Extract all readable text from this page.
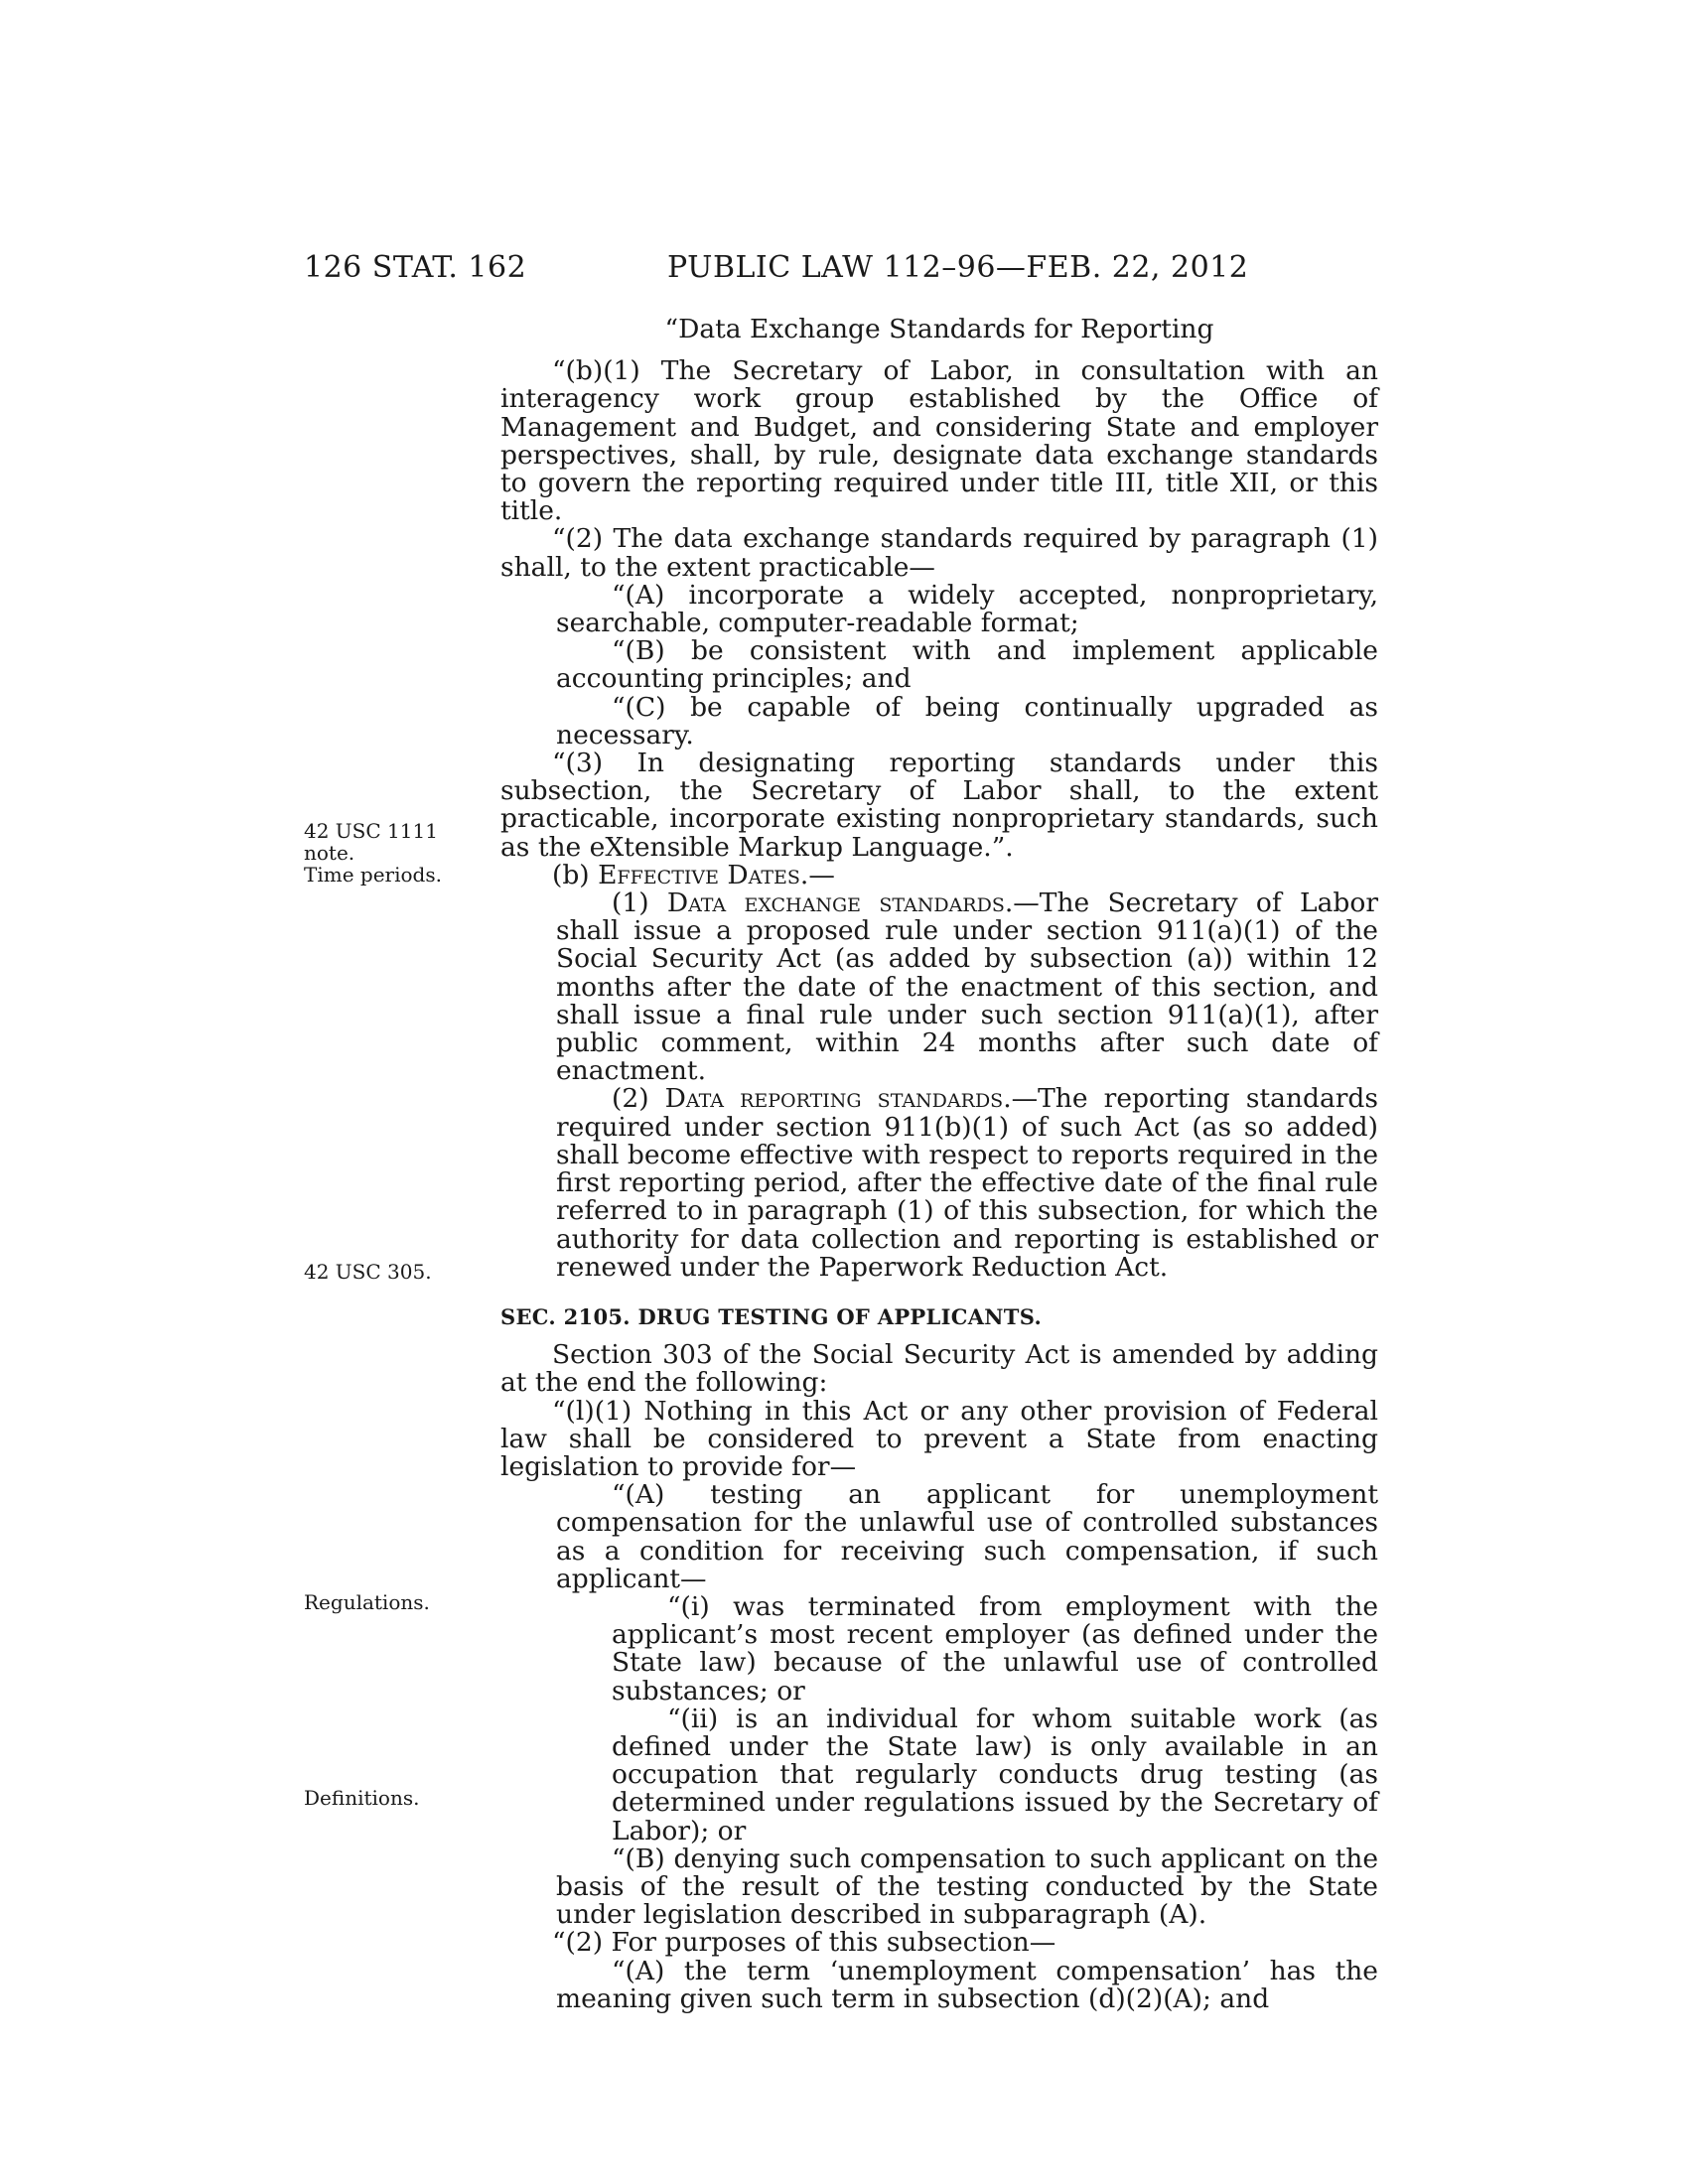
126 STAT. 162	PUBLIC LAW 112–96—FEB. 22, 2012
42 USC 1111
note.
Time periods.
42 USC 305.
Regulations.
Definitions.

“Data Exchange Standards for Reporting

“(b)(1) The Secretary of Labor, in consultation with an interagency work group established by the Office of Management and Budget, and considering State and employer perspectives, shall, by rule, designate data exchange standards to govern the reporting required under title III, title XII, or this title.

“(2) The data exchange standards required by paragraph (1) shall, to the extent practicable—

“(A) incorporate a widely accepted, nonproprietary, searchable, computer-readable format;

“(B) be consistent with and implement applicable accounting principles; and

“(C) be capable of being continually upgraded as necessary.

“(3) In designating reporting standards under this subsection, the Secretary of Labor shall, to the extent practicable, incorporate existing nonproprietary standards, such as the eXtensible Markup Language.”.

(b) Effective Dates.—

(1) Data exchange standards.—The Secretary of Labor shall issue a proposed rule under section 911(a)(1) of the Social Security Act (as added by subsection (a)) within 12 months after the date of the enactment of this section, and shall issue a final rule under such section 911(a)(1), after public comment, within 24 months after such date of enactment.

(2) Data reporting standards.—The reporting standards required under section 911(b)(1) of such Act (as so added) shall become effective with respect to reports required in the first reporting period, after the effective date of the final rule referred to in paragraph (1) of this subsection, for which the authority for data collection and reporting is established or renewed under the Paperwork Reduction Act.

SEC. 2105. DRUG TESTING OF APPLICANTS.

Section 303 of the Social Security Act is amended by adding at the end the following:

“(l)(1) Nothing in this Act or any other provision of Federal law shall be considered to prevent a State from enacting legislation to provide for—

“(A) testing an applicant for unemployment compensation for the unlawful use of controlled substances as a condition for receiving such compensation, if such applicant—

“(i) was terminated from employment with the applicant’s most recent employer (as defined under the State law) because of the unlawful use of controlled substances; or

“(ii) is an individual for whom suitable work (as defined under the State law) is only available in an occupation that regularly conducts drug testing (as determined under regulations issued by the Secretary of Labor); or

“(B) denying such compensation to such applicant on the basis of the result of the testing conducted by the State under legislation described in subparagraph (A).

“(2) For purposes of this subsection—

“(A) the term ‘unemployment compensation’ has the meaning given such term in subsection (d)(2)(A); and
